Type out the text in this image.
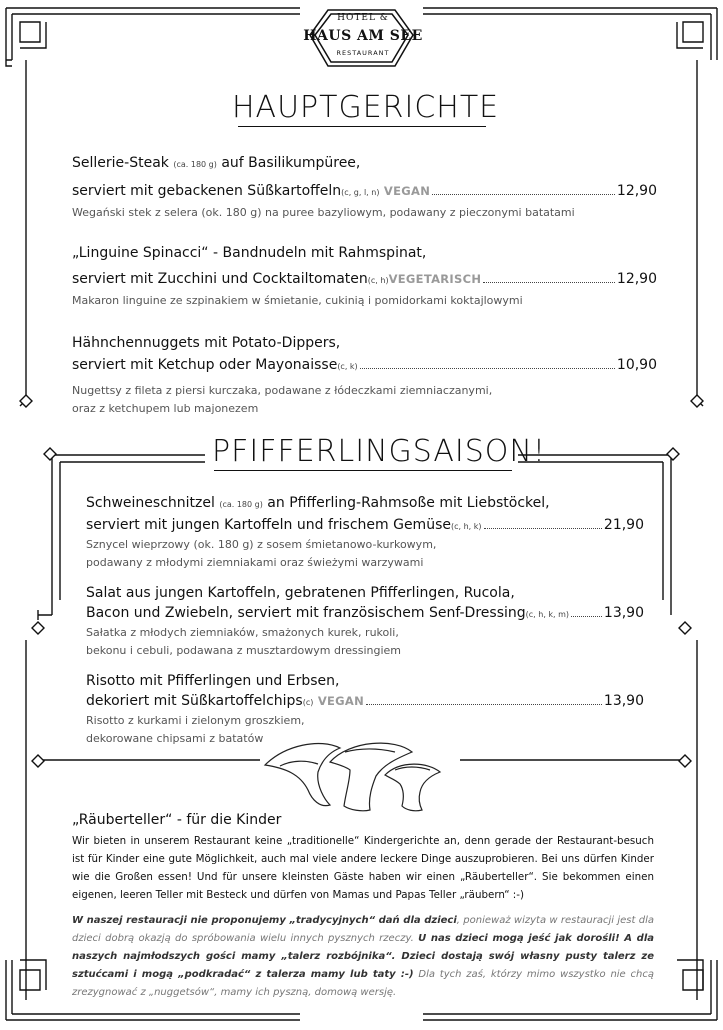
HOTEL &
HAUS AM SEE
RESTAURANT
HAUPTGERICHTE
Sellerie-Steak (ca. 180 g) auf Basilikumpüree,
serviert mit gebackenen Süßkartoffeln (c, g, l, n)
VEGAN	12,90
Wegański stek z selera (ok. 180 g) na puree bazyliowym, podawany z pieczonymi batatami
„Linguine Spinacci“ - Bandnudeln mit Rahmspinat,
serviert mit Zucchini und Cocktailtomaten (c, h) VEGETARISCH	12,90
Makaron linguine ze szpinakiem w śmietanie, cukinią i pomidorkami koktajlowymi
Hähnchennuggets mit Potato-Dippers,
serviert mit Ketchup oder Mayonaisse (c, k)	10,90
Nugettsy z fileta z piersi kurczaka, podawane z łódeczkami ziemniaczanymi,
oraz z ketchupem lub majonezem
PFIFFERLINGSAISON!
Schweineschnitzel (ca. 180 g) an Pfifferling-Rahmsoße mit Liebstöckel,
serviert mit jungen Kartoffeln und frischem Gemüse (c, h, k)	21,90
Sznycel wieprzowy (ok. 180 g) z sosem śmietanowo-kurkowym,
podawany z młodymi ziemniakami oraz świeżymi warzywami
Salat aus jungen Kartoffeln, gebratenen Pfifferlingen, Rucola,
Bacon und Zwiebeln, serviert mit französischem Senf-Dressing (c, h, k, m) 13,90
Sałatka z młodych ziemniaków, smażonych kurek, rukoli,
bekonu i cebuli, podawana z musztardowym dressingiem
Risotto mit Pfifferlingen und Erbsen,
dekoriert mit Süßkartoffelchips (c)
VEGAN	13,90
Risotto z kurkami i zielonym groszkiem,
dekorowane chipsami z batatów
„Räuberteller“ - für die Kinder
Wir bieten in unserem Restaurant keine „traditionelle“ Kindergerichte an, denn gerade der Restaurant-besuch ist für Kinder eine gute Möglichkeit, auch mal viele andere leckere Dinge auszuprobieren. Bei uns dürfen Kinder wie die Großen essen! Und für unsere kleinsten Gäste haben wir einen „Räuberteller“. Sie bekommen einen eigenen, leeren Teller mit Besteck und dürfen von Mamas und Papas Teller „räubern“ :-)
W naszej restauracji nie proponujemy „tradycyjnych“ dań dla dzieci, ponieważ wizyta w restauracji jest dla dzieci dobrą okazją do spróbowania wielu innych pysznych rzeczy. U nas dzieci mogą jeść jak dorośli! A dla naszych najmłodszych gości mamy „talerz rozbójnika“. Dzieci dostają swój własny pusty talerz ze sztućcami i mogą „podkradać“ z talerza mamy lub taty :-) Dla tych zaś, którzy mimo wszystko nie chcą zrezygnować z „nuggetsów“, mamy ich pyszną, domową wersję.
